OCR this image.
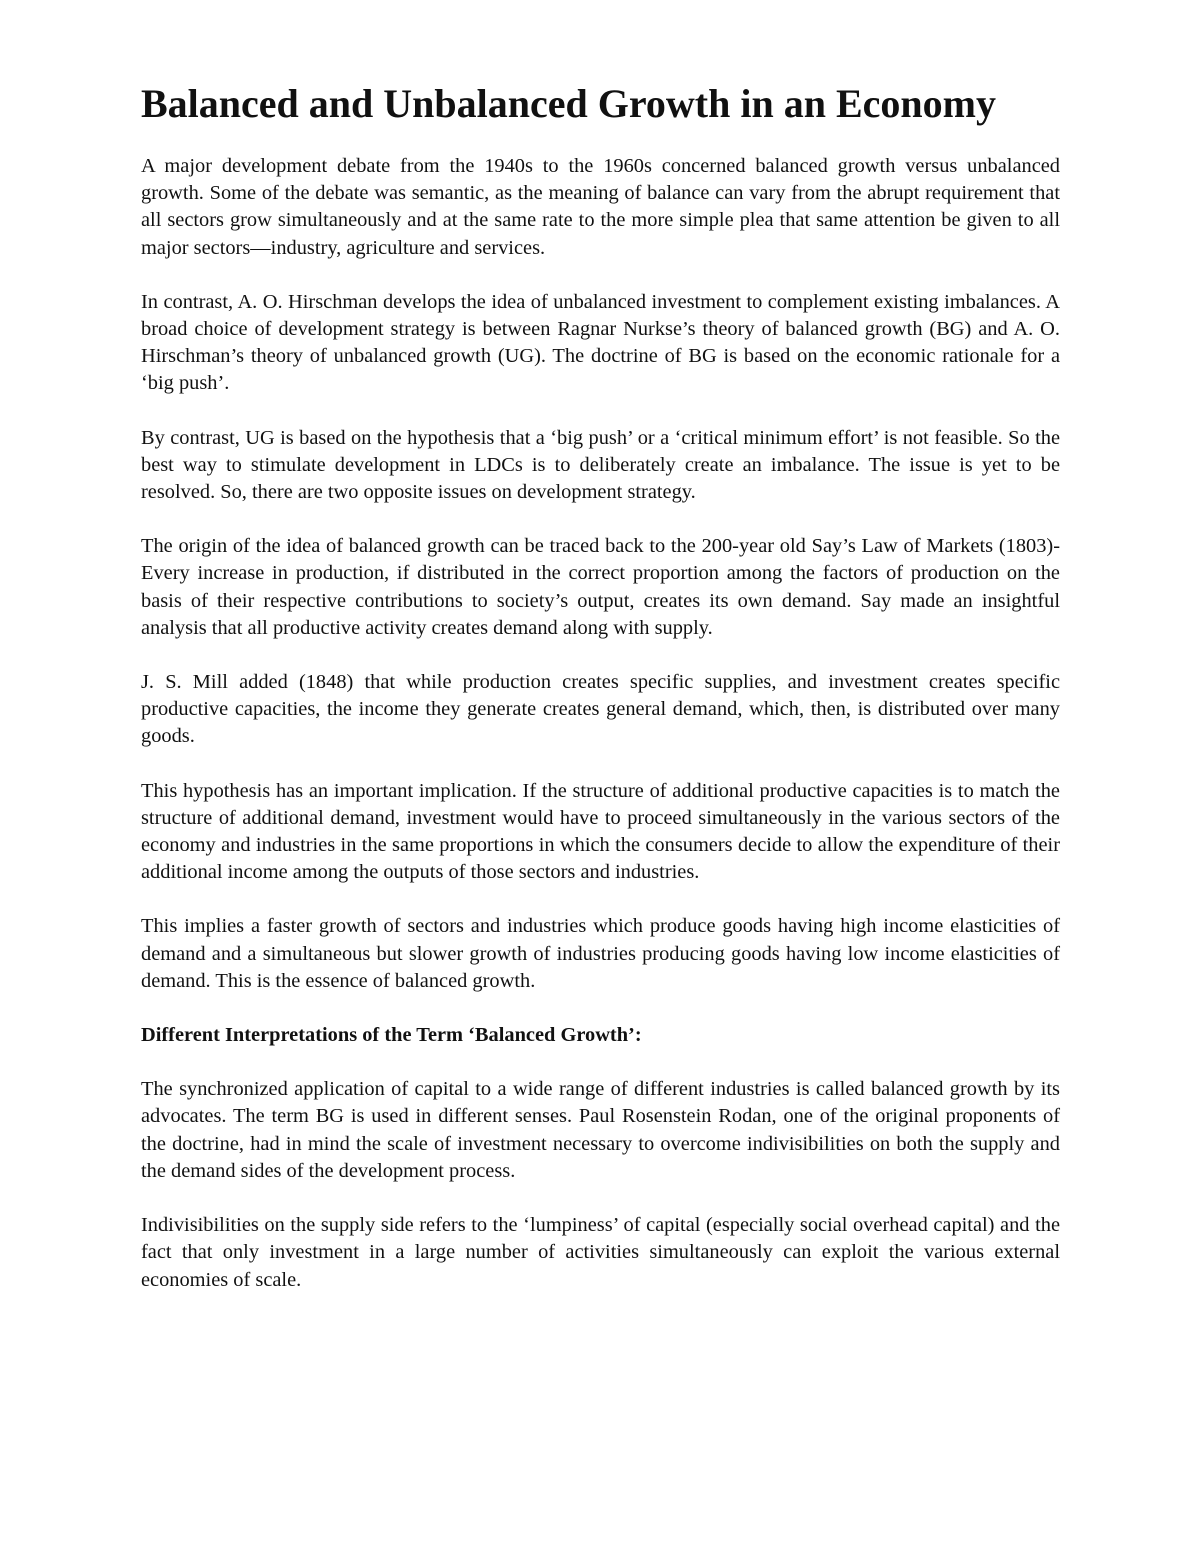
Balanced and Unbalanced Growth in an Economy

A major development debate from the 1940s to the 1960s concerned balanced growth versus unbalanced growth. Some of the debate was semantic, as the meaning of balance can vary from the abrupt requirement that all sectors grow simultaneously and at the same rate to the more simple plea that same attention be given to all major sectors—industry, agriculture and services.

In contrast, A. O. Hirschman develops the idea of unbalanced investment to complement existing imbalances. A broad choice of development strategy is between Ragnar Nurkse’s theory of balanced growth (BG) and A. O. Hirschman’s theory of unbalanced growth (UG). The doctrine of BG is based on the economic rationale for a ‘big push’.

By contrast, UG is based on the hypothesis that a ‘big push’ or a ‘critical minimum effort’ is not feasible. So the best way to stimulate development in LDCs is to deliberately create an imbalance. The issue is yet to be resolved. So, there are two opposite issues on development strategy.

The origin of the idea of balanced growth can be traced back to the 200-year old Say’s Law of Markets (1803)- Every increase in production, if distributed in the correct proportion among the factors of production on the basis of their respective contributions to society’s output, creates its own demand. Say made an insightful analysis that all productive activity creates demand along with supply.

J. S. Mill added (1848) that while production creates specific supplies, and investment creates specific productive capacities, the income they generate creates general demand, which, then, is distributed over many goods.

This hypothesis has an important implication. If the structure of additional productive capacities is to match the structure of additional demand, investment would have to proceed simultaneously in the various sectors of the economy and industries in the same proportions in which the consumers decide to allow the expenditure of their additional income among the outputs of those sectors and industries.

This implies a faster growth of sectors and industries which produce goods having high income elasticities of demand and a simultaneous but slower growth of industries producing goods having low income elasticities of demand. This is the essence of balanced growth.

Different Interpretations of the Term ‘Balanced Growth’:

The synchronized application of capital to a wide range of different industries is called balanced growth by its advocates. The term BG is used in different senses. Paul Rosenstein Rodan, one of the original proponents of the doctrine, had in mind the scale of investment necessary to overcome indivisibilities on both the supply and the demand sides of the development process.

Indivisibilities on the supply side refers to the ‘lumpiness’ of capital (especially social overhead capital) and the fact that only investment in a large number of activities simultaneously can exploit the various external economies of scale.
